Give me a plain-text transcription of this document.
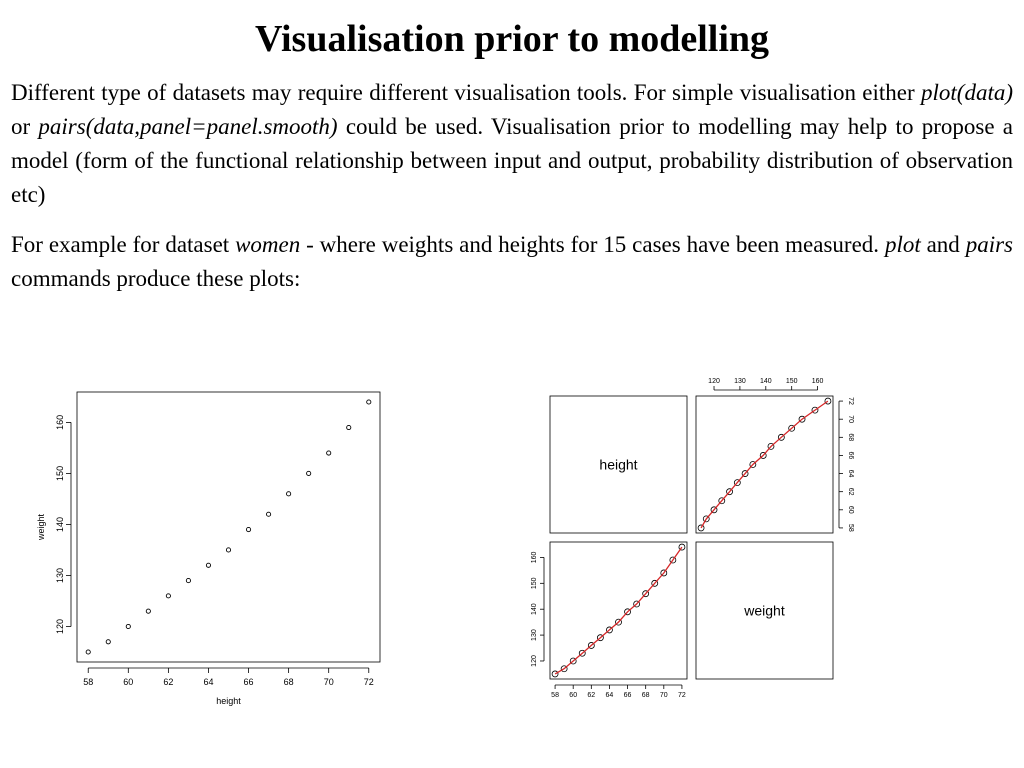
Visualisation prior to modelling

Different type of datasets may require different visualisation tools. For simple visualisation either plot(data) or pairs(data,panel=panel.smooth) could be used. Visualisation prior to modelling may help to propose a model (form of the functional relationship between input and output, probability distribution of observation etc)

For example for dataset women - where weights and heights for 15 cases have been measured. plot and pairs commands produce these plots:

58	60	62	64	66	68	70	72
height
120
130
140
150
160
weight
height
weight
120 130 140 150 160
58
60
62
64
66
68
70
72
120
130
140
150
160
58 60 62 64 66 68 70 72
